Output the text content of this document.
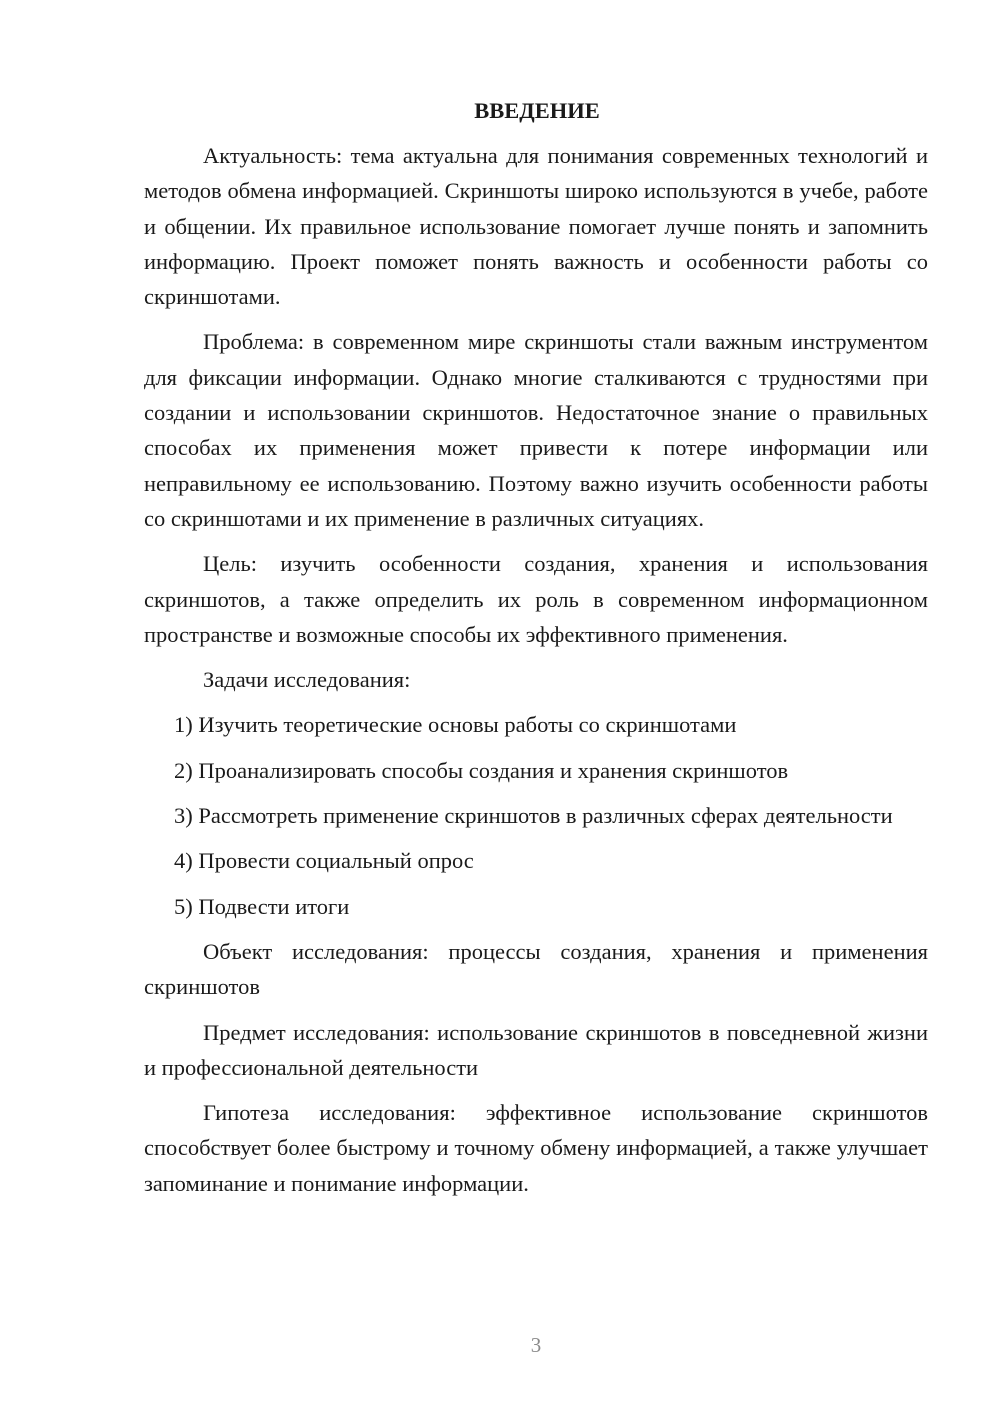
ВВЕДЕНИЕ

Актуальность: тема актуальна для понимания современных технологий и методов обмена информацией. Скриншоты широко используются в учебе, работе и общении. Их правильное использование помогает лучше понять и запомнить информацию. Проект поможет понять важность и особенности работы со скриншотами.

Проблема: в современном мире скриншоты стали важным инструментом для фиксации информации. Однако многие сталкиваются с трудностями при создании и использовании скриншотов. Недостаточное знание о правильных способах их применения может привести к потере информации или неправильному ее использованию. Поэтому важно изучить особенности работы со скриншотами и их применение в различных ситуациях.

Цель: изучить особенности создания, хранения и использования скриншотов, а также определить их роль в современном информационном пространстве и возможные способы их эффективного применения.

Задачи исследования:

1) Изучить теоретические основы работы со скриншотами

2) Проанализировать способы создания и хранения скриншотов

3) Рассмотреть применение скриншотов в различных сферах деятельности

4) Провести социальный опрос

5) Подвести итоги

Объект исследования: процессы создания, хранения и применения скриншотов

Предмет исследования: использование скриншотов в повседневной жизни и профессиональной деятельности

Гипотеза исследования: эффективное использование скриншотов способствует более быстрому и точному обмену информацией, а также улучшает запоминание и понимание информации.

3
